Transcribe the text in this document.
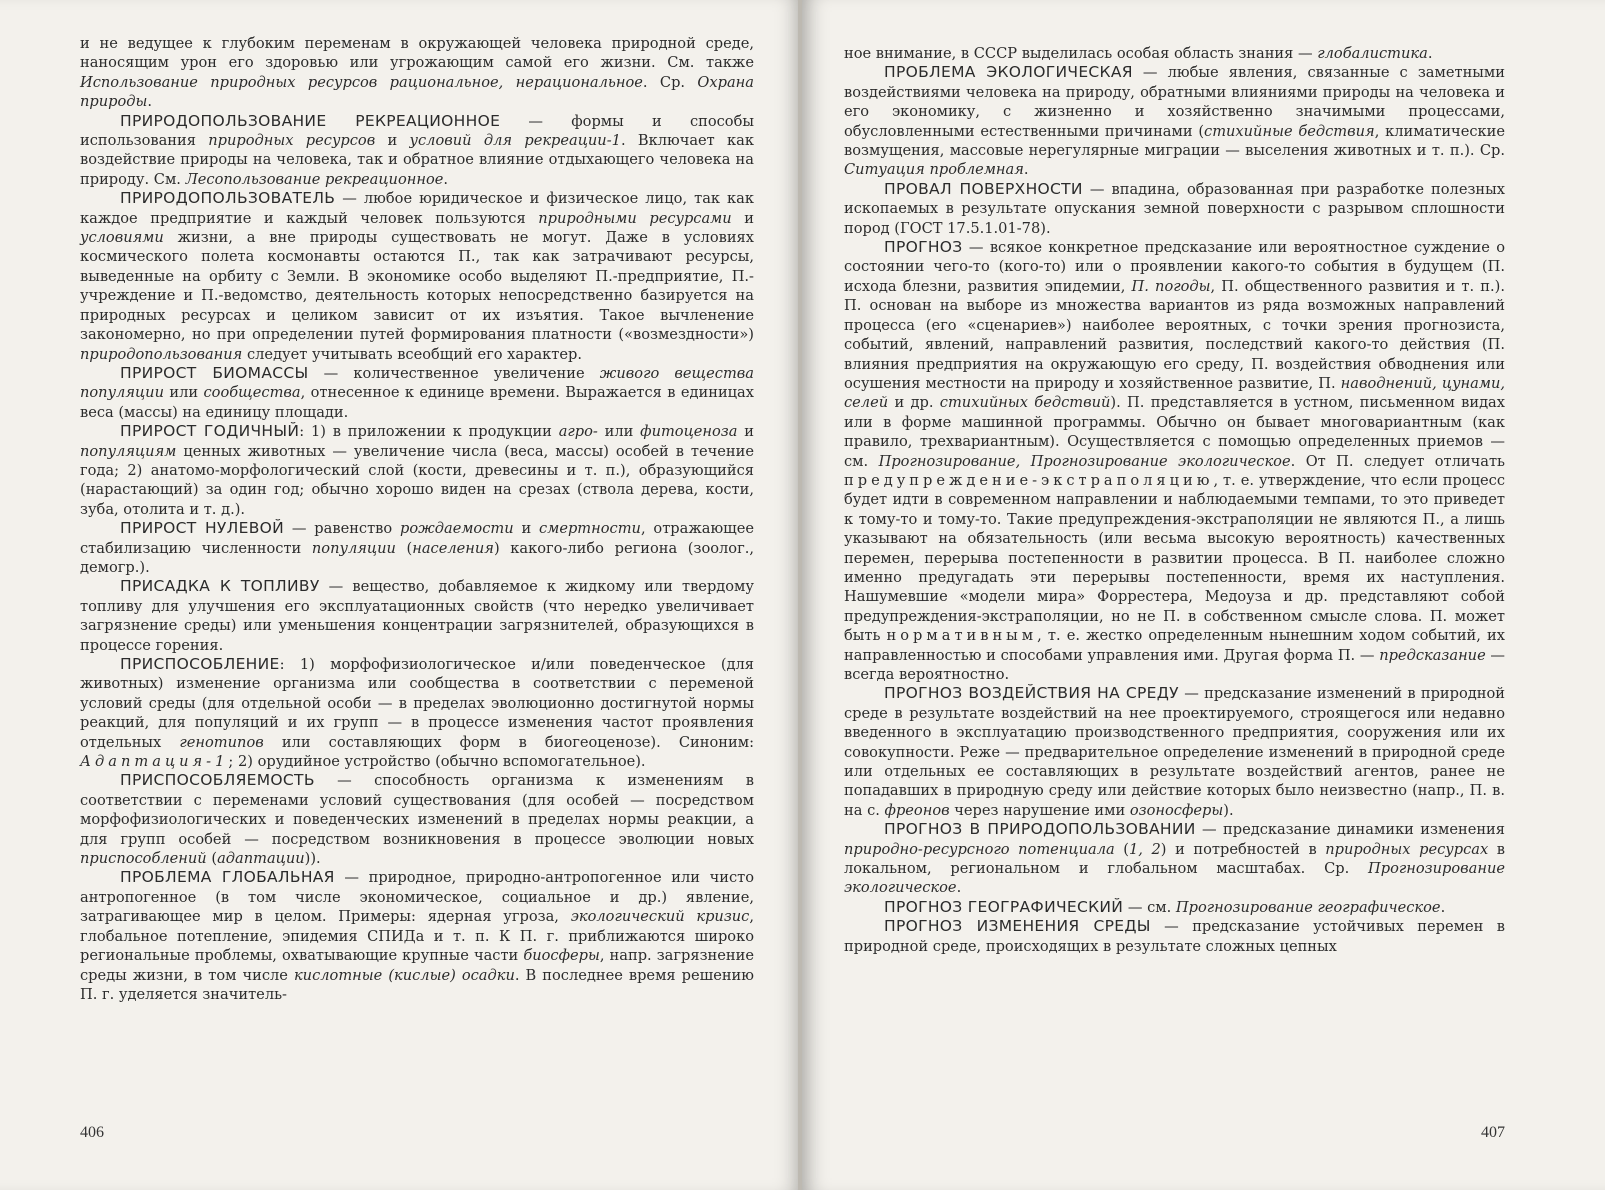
и не ведущее к глубоким переменам в окружающей человека природной среде, наносящим урон его здоровью или угрожающим самой его жизни. См. также Использование природных ресурсов рациональное, нерациональное. Ср. Охрана природы.

ПРИРОДОПОЛЬЗОВАНИЕ РЕКРЕАЦИОННОЕ — формы и способы использования природных ресурсов и условий для рекреации-1. Включает как воздействие природы на человека, так и обратное влияние отдыхающего человека на природу. См. Лесопользование рекреационное.

ПРИРОДОПОЛЬЗОВАТЕЛЬ — любое юридическое и физическое лицо, так как каждое предприятие и каждый человек пользуются природными ресурсами и условиями жизни, а вне природы существовать не могут. Даже в условиях космического полета космонавты остаются П., так как затрачивают ресурсы, выведенные на орбиту с Земли. В экономике особо выделяют П.-предприятие, П.-учреждение и П.-ведомство, деятельность которых непосредственно базируется на природных ресурсах и целиком зависит от их изъятия. Такое вычленение закономерно, но при определении путей формирования платности («возмездности») природопользования следует учитывать всеобщий его характер.

ПРИРОСТ БИОМАССЫ — количественное увеличение живого вещества популяции или сообщества, отнесенное к единице времени. Выражается в единицах веса (массы) на единицу площади.

ПРИРОСТ ГОДИЧНЫЙ: 1) в приложении к продукции агро- или фитоценоза и популяциям ценных животных — увеличение числа (веса, массы) особей в течение года; 2) анатомо-морфологический слой (кости, древесины и т. п.), образующийся (нарастающий) за один год; обычно хорошо виден на срезах (ствола дерева, кости, зуба, отолита и т. д.).

ПРИРОСТ НУЛЕВОЙ — равенство рождаемости и смертности, отражающее стабилизацию численности популяции (населения) какого-либо региона (зоолог., демогр.).

ПРИСАДКА К ТОПЛИВУ — вещество, добавляемое к жидкому или твердому топливу для улучшения его эксплуатационных свойств (что нередко увеличивает загрязнение среды) или уменьшения концентрации загрязнителей, образующихся в процессе горения.

ПРИСПОСОБЛЕНИЕ: 1) морфофизиологическое и/или поведенческое (для животных) изменение организма или сообщества в соответствии с переменой условий среды (для отдельной особи — в пределах эволюционно достигнутой нормы реакций, для популяций и их групп — в процессе изменения частот проявления отдельных генотипов или составляющих форм в биогеоценозе). Синоним: Адаптация-1; 2) орудийное устройство (обычно вспомогательное).

ПРИСПОСОБЛЯЕМОСТЬ — способность организма к изменениям в соответствии с переменами условий существования (для особей — посредством морфофизиологических и поведенческих изменений в пределах нормы реакции, а для групп особей — посредством возникновения в процессе эволюции новых приспособлений (адаптации)).

ПРОБЛЕМА ГЛОБАЛЬНАЯ — природное, природно-антропогенное или чисто антропогенное (в том числе экономическое, социальное и др.) явление, затрагивающее мир в целом. Примеры: ядерная угроза, экологический кризис, глобальное потепление, эпидемия СПИДа и т. п. К П. г. приближаются широко региональные проблемы, охватывающие крупные части биосферы, напр. загрязнение среды жизни, в том числе кислотные (кислые) осадки. В последнее время решению П. г. уделяется значитель-

406

ное внимание, в СССР выделилась особая область знания — глобалистика.

ПРОБЛЕМА ЭКОЛОГИЧЕСКАЯ — любые явления, связанные с заметными воздействиями человека на природу, обратными влияниями природы на человека и его экономику, с жизненно и хозяйственно значимыми процессами, обусловленными естественными причинами (стихийные бедствия, климатические возмущения, массовые нерегулярные миграции — выселения животных и т. п.). Ср. Ситуация проблемная.

ПРОВАЛ ПОВЕРХНОСТИ — впадина, образованная при разработке полезных ископаемых в результате опускания земной поверхности с разрывом сплошности пород (ГОСТ 17.5.1.01-78).

ПРОГНОЗ — всякое конкретное предсказание или вероятностное суждение о состоянии чего-то (кого-то) или о проявлении какого-то события в будущем (П. исхода блезни, развития эпидемии, П. погоды, П. общественного развития и т. п.). П. основан на выборе из множества вариантов из ряда возможных направлений процесса (его «сценариев») наиболее вероятных, с точки зрения прогнозиста, событий, явлений, направлений развития, последствий какого-то действия (П. влияния предприятия на окружающую его среду, П. воздействия обводнения или осушения местности на природу и хозяйственное развитие, П. наводнений, цунами, селей и др. стихийных бедствий). П. представляется в устном, письменном видах или в форме машинной программы. Обычно он бывает многовариантным (как правило, трехвариантным). Осуществляется с помощью определенных приемов — см. Прогнозирование, Прогнозирование экологическое. От П. следует отличать предупреждение-экстраполяцию, т. е. утверждение, что если процесс будет идти в современном направлении и наблюдаемыми темпами, то это приведет к тому-то и тому-то. Такие предупреждения-экстраполяции не являются П., а лишь указывают на обязательность (или весьма высокую вероятность) качественных перемен, перерыва постепенности в развитии процесса. В П. наиболее сложно именно предугадать эти перерывы постепенности, время их наступления. Нашумевшие «модели мира» Форрестера, Медоуза и др. представляют собой предупреждения-экстраполяции, но не П. в собственном смысле слова. П. может быть нормативным, т. е. жестко определенным нынешним ходом событий, их направленностью и способами управления ими. Другая форма П. — предсказание — всегда вероятностно.

ПРОГНОЗ ВОЗДЕЙСТВИЯ НА СРЕДУ — предсказание изменений в природной среде в результате воздействий на нее проектируемого, строящегося или недавно введенного в эксплуатацию производственного предприятия, сооружения или их совокупности. Реже — предварительное определение изменений в природной среде или отдельных ее составляющих в результате воздействий агентов, ранее не попадавших в природную среду или действие которых было неизвестно (напр., П. в. на с. фреонов через нарушение ими озоносферы).

ПРОГНОЗ В ПРИРОДОПОЛЬЗОВАНИИ — предсказание динамики изменения природно-ресурсного потенциала (1, 2) и потребностей в природных ресурсах в локальном, региональном и глобальном масштабах. Ср. Прогнозирование экологическое.

ПРОГНОЗ ГЕОГРАФИЧЕСКИЙ — см. Прогнозирование географическое.

ПРОГНОЗ ИЗМЕНЕНИЯ СРЕДЫ — предсказание устойчивых перемен в природной среде, происходящих в результате сложных цепных

407
